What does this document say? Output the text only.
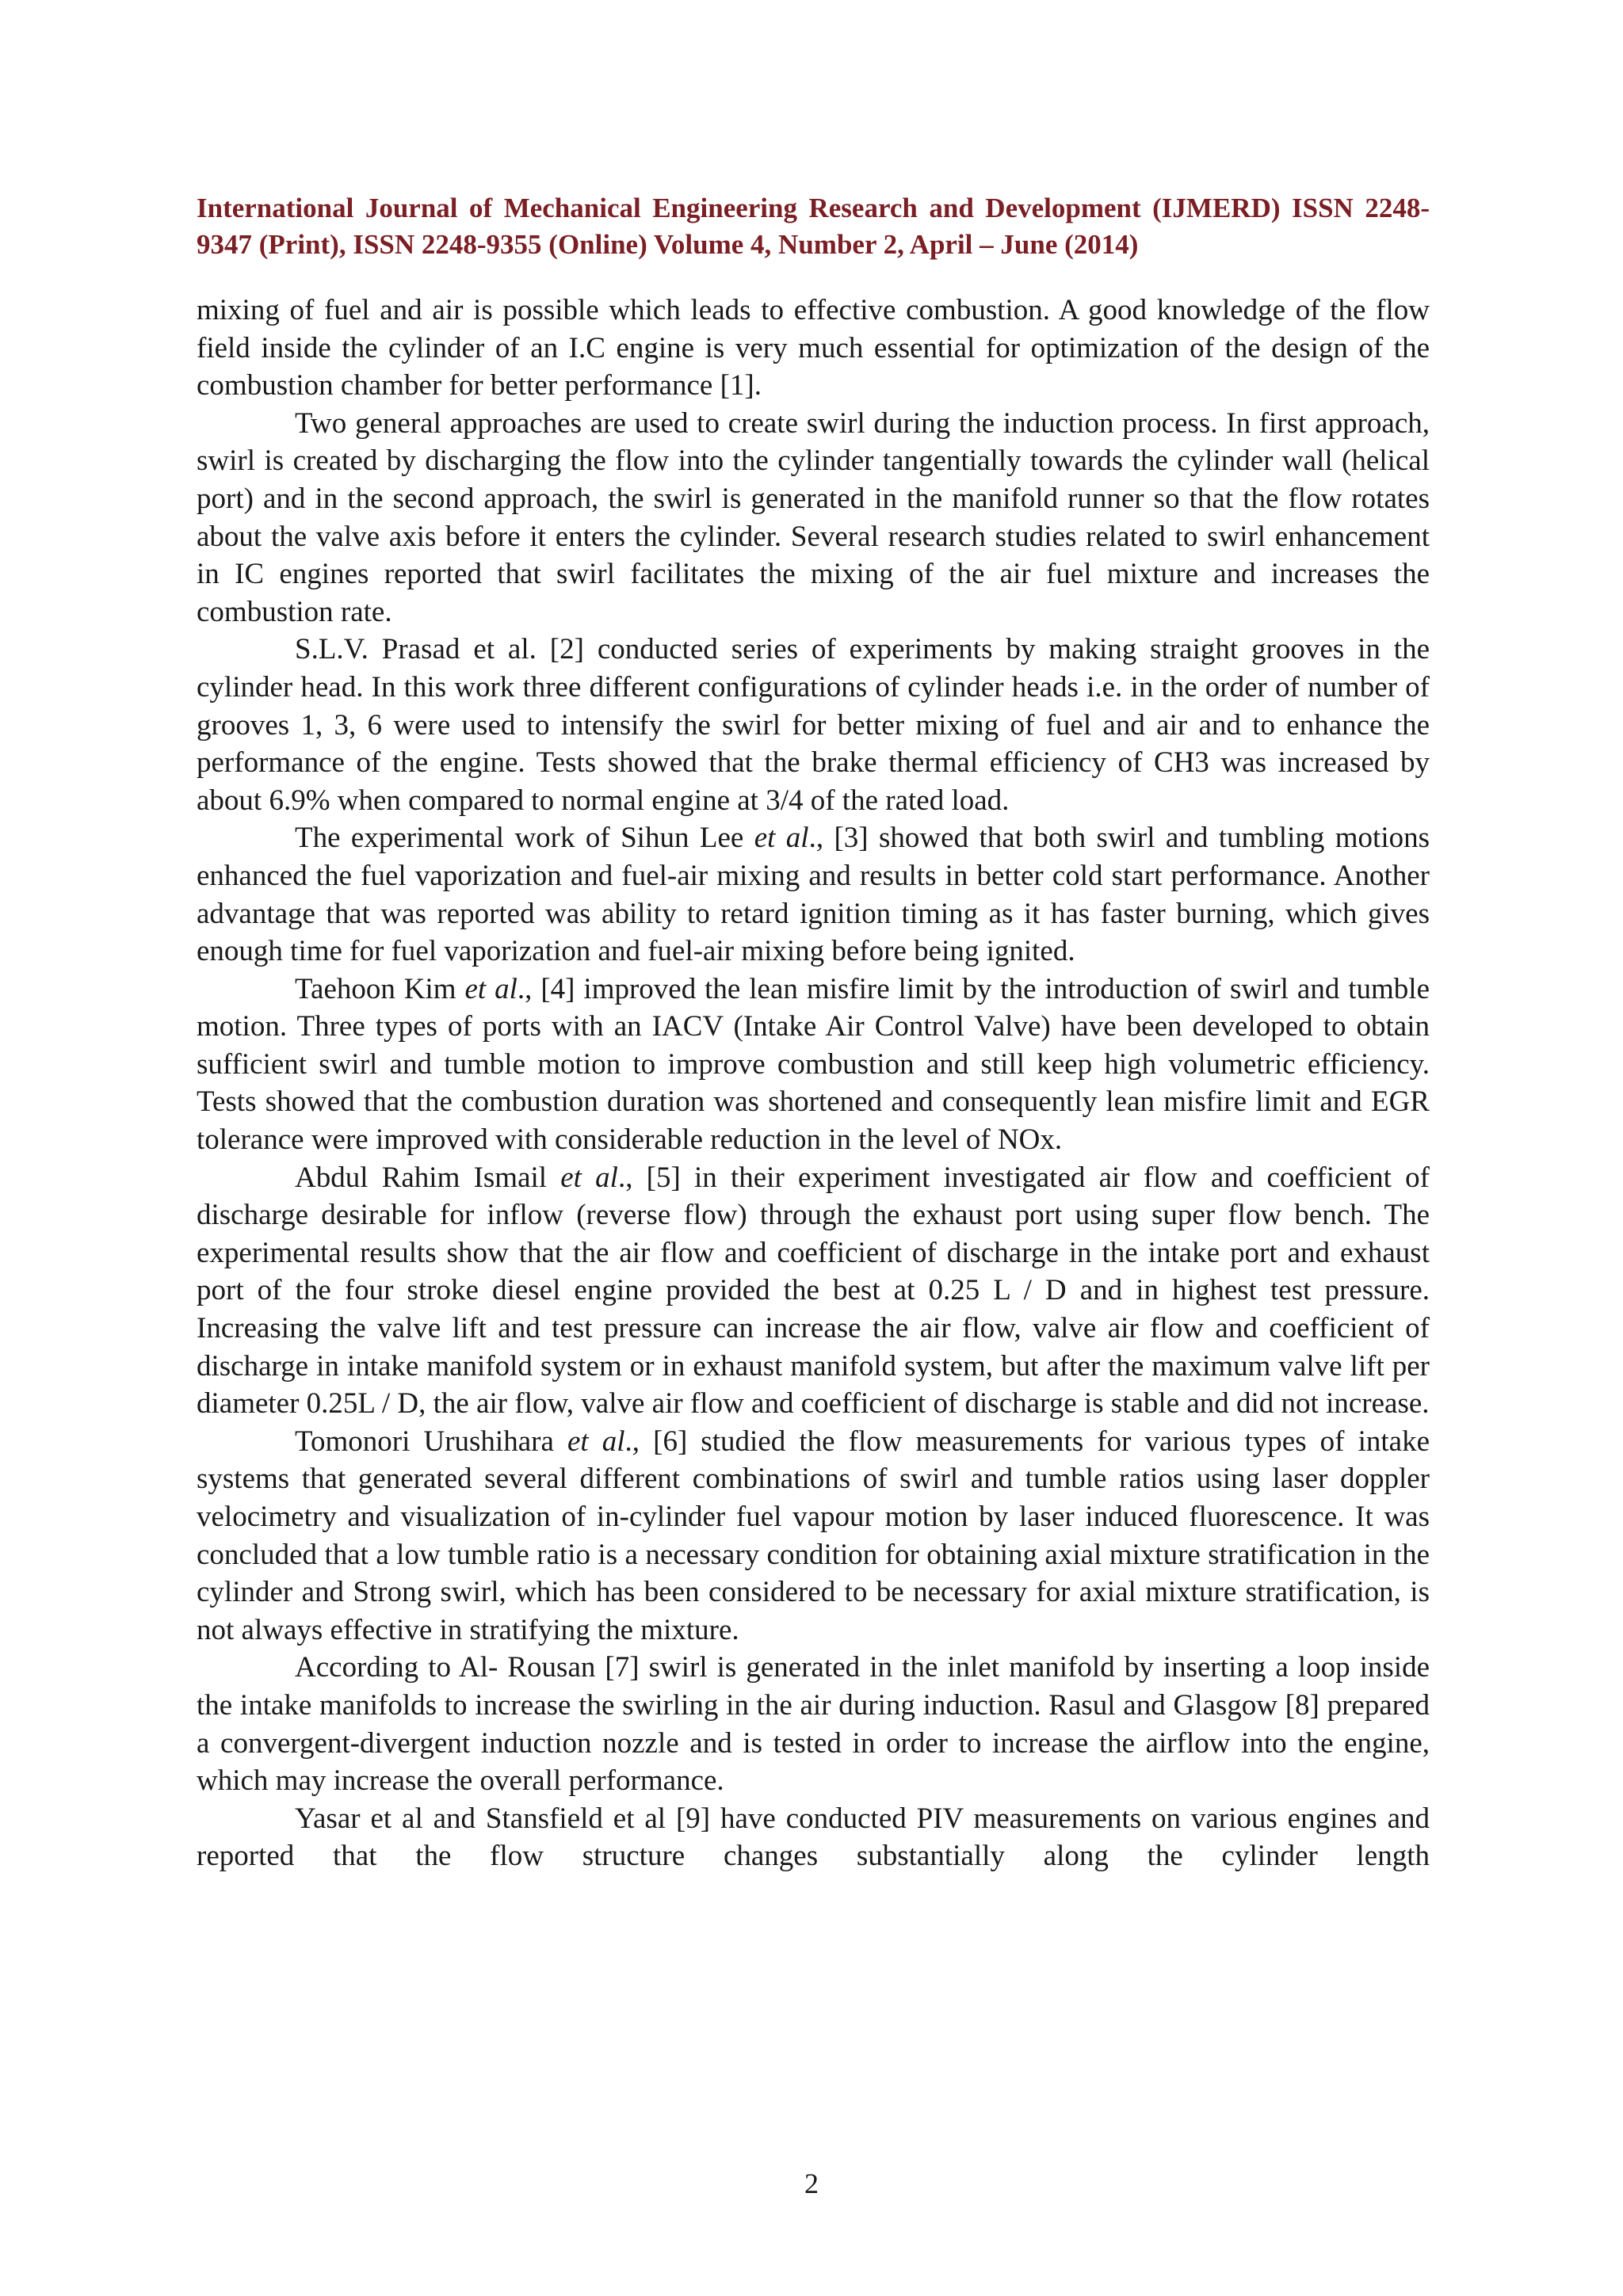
International Journal of Mechanical Engineering Research and Development (IJMERD) ISSN 2248-9347 (Print), ISSN 2248-9355 (Online) Volume 4, Number 2, April – June (2014)

mixing of fuel and air is possible which leads to effective combustion. A good knowledge of the flow field inside the cylinder of an I.C engine is very much essential for optimization of the design of the combustion chamber for better performance [1].

Two general approaches are used to create swirl during the induction process. In first approach, swirl is created by discharging the flow into the cylinder tangentially towards the cylinder wall (helical port) and in the second approach, the swirl is generated in the manifold runner so that the flow rotates about the valve axis before it enters the cylinder. Several research studies related to swirl enhancement in IC engines reported that swirl facilitates the mixing of the air fuel mixture and increases the combustion rate.

S.L.V. Prasad et al. [2] conducted series of experiments by making straight grooves in the cylinder head. In this work three different configurations of cylinder heads i.e. in the order of number of grooves 1, 3, 6 were used to intensify the swirl for better mixing of fuel and air and to enhance the performance of the engine. Tests showed that the brake thermal efficiency of CH3 was increased by about 6.9% when compared to normal engine at 3/4 of the rated load.

The experimental work of Sihun Lee et al., [3] showed that both swirl and tumbling motions enhanced the fuel vaporization and fuel-air mixing and results in better cold start performance. Another advantage that was reported was ability to retard ignition timing as it has faster burning, which gives enough time for fuel vaporization and fuel-air mixing before being ignited.

Taehoon Kim et al., [4] improved the lean misfire limit by the introduction of swirl and tumble motion. Three types of ports with an IACV (Intake Air Control Valve) have been developed to obtain sufficient swirl and tumble motion to improve combustion and still keep high volumetric efficiency. Tests showed that the combustion duration was shortened and consequently lean misfire limit and EGR tolerance were improved with considerable reduction in the level of NOx.

Abdul Rahim Ismail et al., [5] in their experiment investigated air flow and coefficient of discharge desirable for inflow (reverse flow) through the exhaust port using super flow bench. The experimental results show that the air flow and coefficient of discharge in the intake port and exhaust port of the four stroke diesel engine provided the best at 0.25 L / D and in highest test pressure. Increasing the valve lift and test pressure can increase the air flow, valve air flow and coefficient of discharge in intake manifold system or in exhaust manifold system, but after the maximum valve lift per diameter 0.25L / D, the air flow, valve air flow and coefficient of discharge is stable and did not increase.

Tomonori Urushihara et al., [6] studied the flow measurements for various types of intake systems that generated several different combinations of swirl and tumble ratios using laser doppler velocimetry and visualization of in-cylinder fuel vapour motion by laser induced fluorescence. It was concluded that a low tumble ratio is a necessary condition for obtaining axial mixture stratification in the cylinder and Strong swirl, which has been considered to be necessary for axial mixture stratification, is not always effective in stratifying the mixture.

According to Al- Rousan [7] swirl is generated in the inlet manifold by inserting a loop inside the intake manifolds to increase the swirling in the air during induction. Rasul and Glasgow [8] prepared a convergent-divergent induction nozzle and is tested in order to increase the airflow into the engine, which may increase the overall performance.

Yasar et al and Stansfield et al [9] have conducted PIV measurements on various engines and reported that the flow structure changes substantially along the cylinder length

2
